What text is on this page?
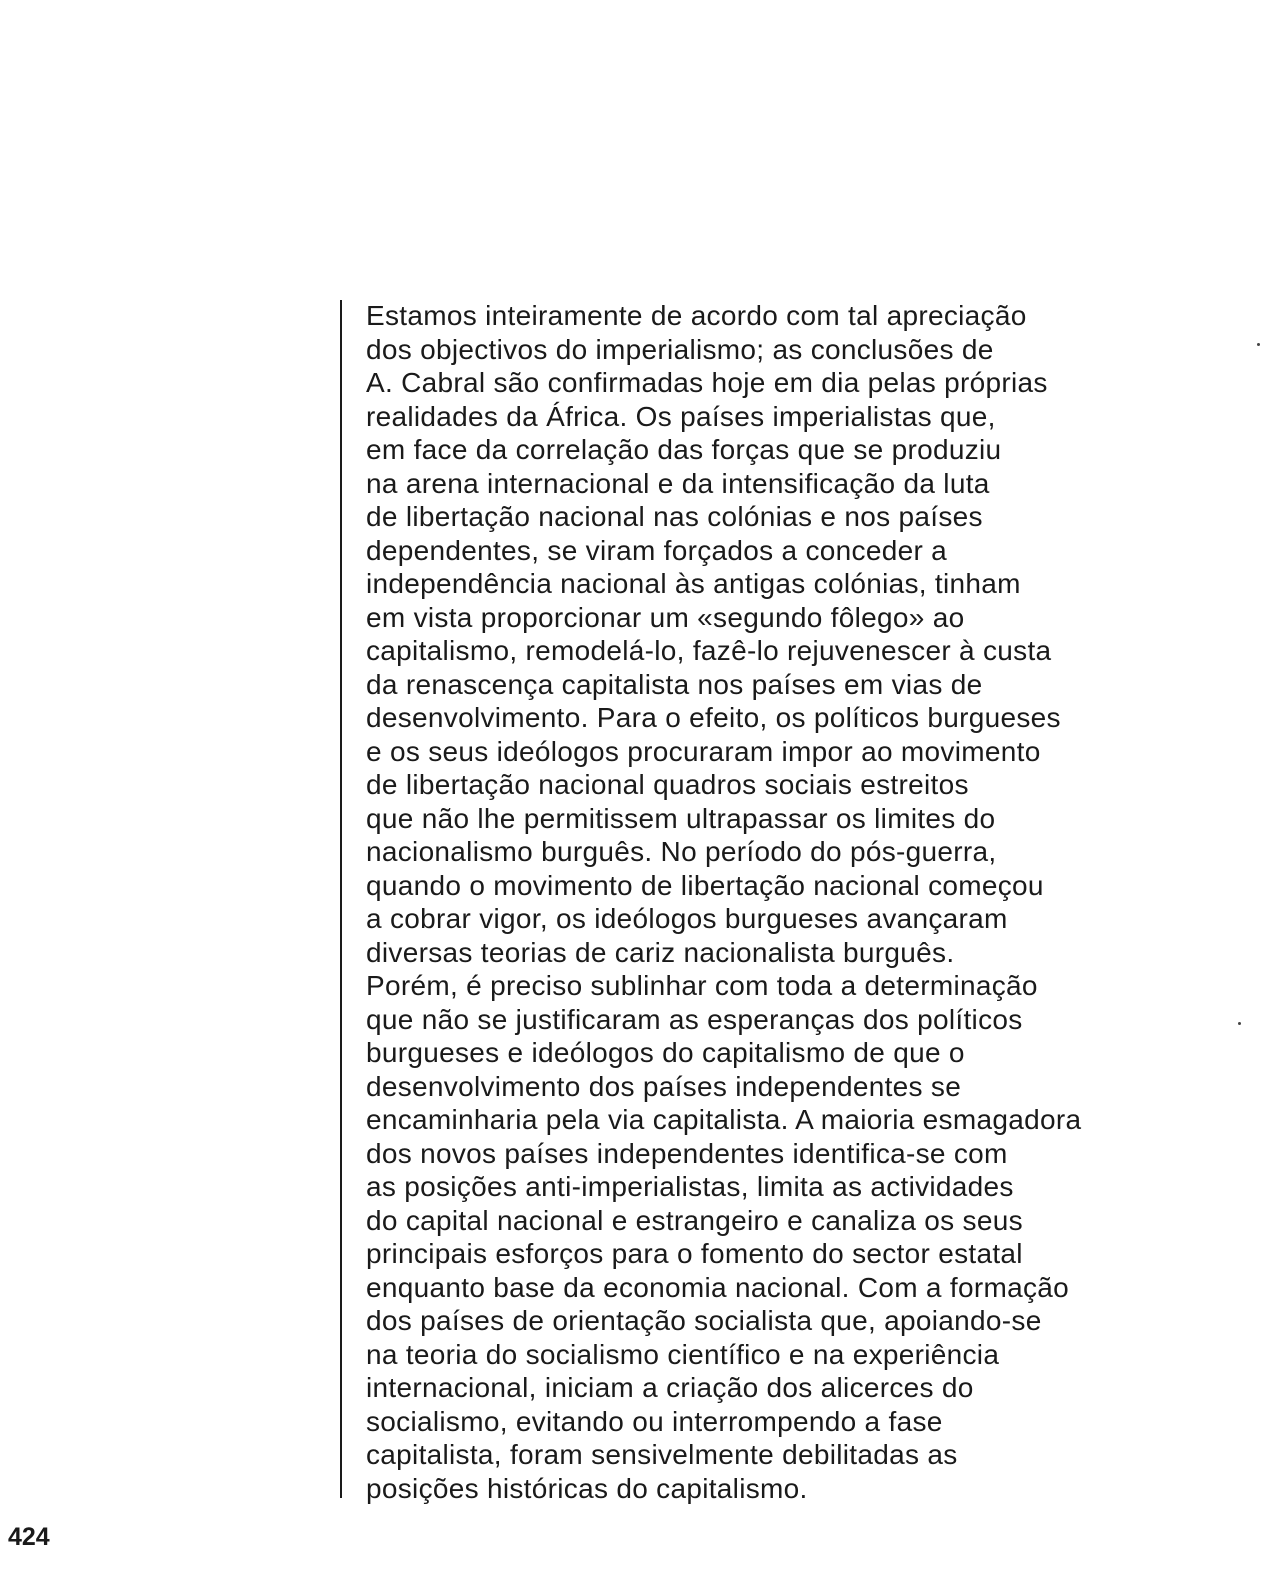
Estamos inteiramente de acordo com tal apreciação
dos objectivos do imperialismo; as conclusões de
A. Cabral são confirmadas hoje em dia pelas próprias
realidades da África. Os países imperialistas que,
em face da correlação das forças que se produziu
na arena internacional e da intensificação da luta
de libertação nacional nas colónias e nos países
dependentes, se viram forçados a conceder a
independência nacional às antigas colónias, tinham
em vista proporcionar um «segundo fôlego» ao
capitalismo, remodelá-lo, fazê-lo rejuvenescer à custa
da renascença capitalista nos países em vias de
desenvolvimento. Para o efeito, os políticos burgueses
e os seus ideólogos procuraram impor ao movimento
de libertação nacional quadros sociais estreitos
que não lhe permitissem ultrapassar os limites do
nacionalismo burguês. No período do pós-guerra,
quando o movimento de libertação nacional começou
a cobrar vigor, os ideólogos burgueses avançaram
diversas teorias de cariz nacionalista burguês.
Porém, é preciso sublinhar com toda a determinação
que não se justificaram as esperanças dos políticos
burgueses e ideólogos do capitalismo de que o
desenvolvimento dos países independentes se
encaminharia pela via capitalista. A maioria esmagadora
dos novos países independentes identifica-se com
as posições anti-imperialistas, limita as actividades
do capital nacional e estrangeiro e canaliza os seus
principais esforços para o fomento do sector estatal
enquanto base da economia nacional. Com a formação
dos países de orientação socialista que, apoiando-se
na teoria do socialismo científico e na experiência
internacional, iniciam a criação dos alicerces do
socialismo, evitando ou interrompendo a fase
capitalista, foram sensivelmente debilitadas as
posições históricas do capitalismo.
424
